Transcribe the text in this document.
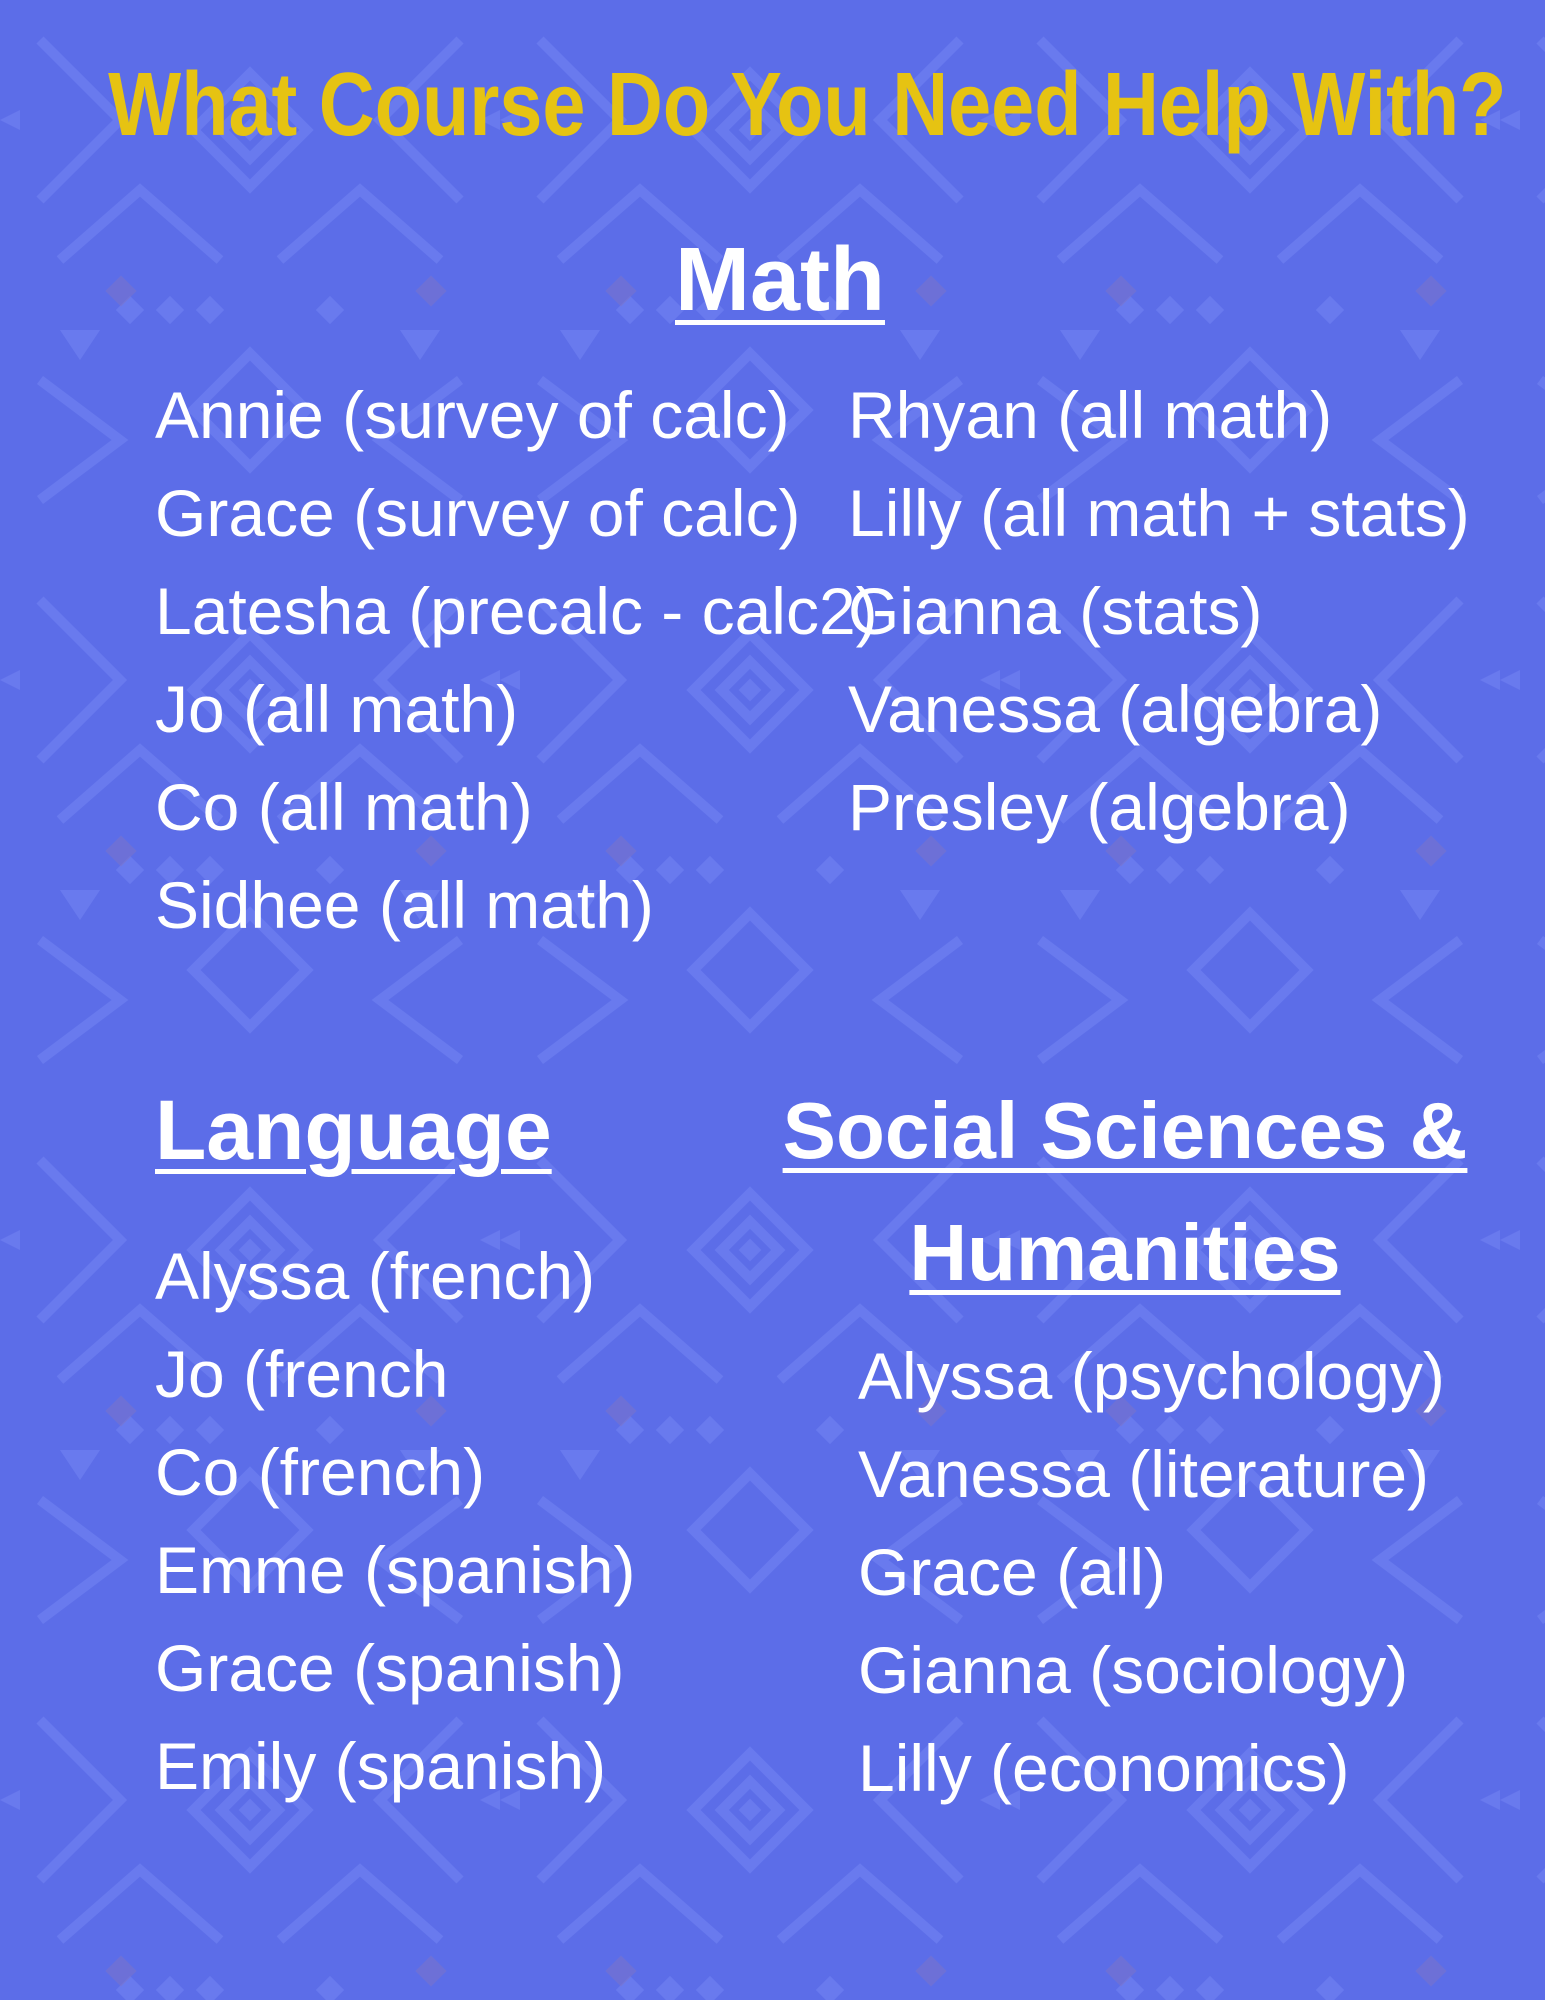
What Course Do You Need Help With?
Math
Annie (survey of calc)
Grace (survey of calc)
Latesha (precalc - calc2)
Jo (all math)
Co (all math)
Sidhee (all math)
Rhyan (all math)
Lilly (all math + stats)
Gianna (stats)
Vanessa (algebra)
Presley (algebra)
Language
Alyssa (french)
Jo (french
Co (french)
Emme (spanish)
Grace (spanish)
Emily (spanish)
Social Sciences &
Humanities
Alyssa (psychology)
Vanessa (literature)
Grace (all)
Gianna (sociology)
Lilly (economics)
